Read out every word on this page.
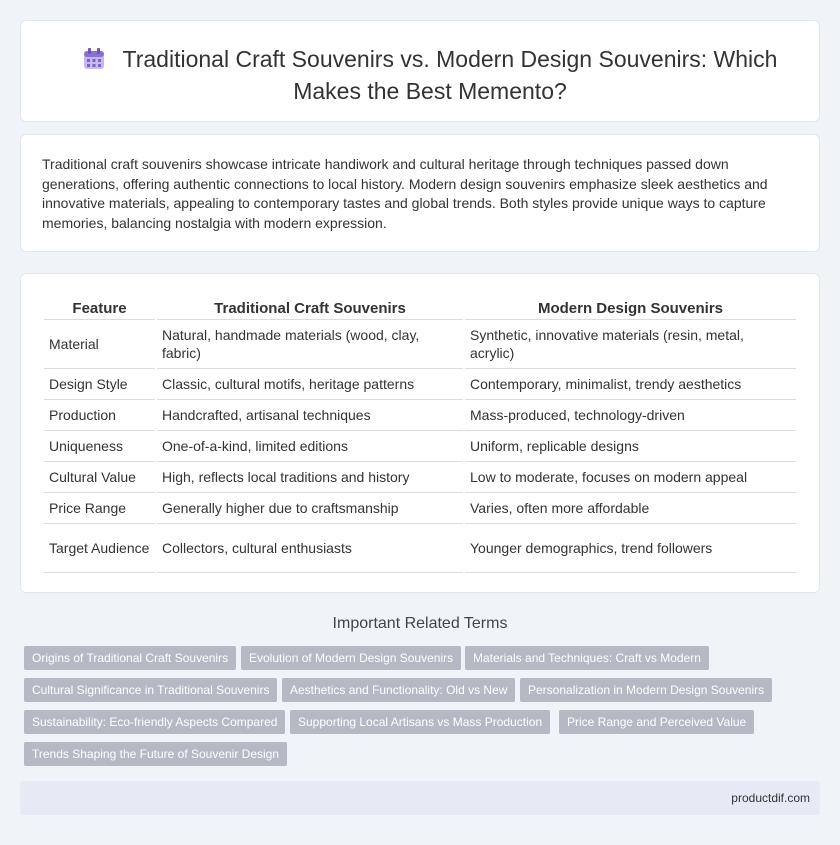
Traditional Craft Souvenirs vs. Modern Design Souvenirs: Which Makes the Best Memento?
Traditional craft souvenirs showcase intricate handiwork and cultural heritage through techniques passed down generations, offering authentic connections to local history. Modern design souvenirs emphasize sleek aesthetics and innovative materials, appealing to contemporary tastes and global trends. Both styles provide unique ways to capture memories, balancing nostalgia with modern expression.
Feature	Traditional Craft Souvenirs	Modern Design Souvenirs
Material	Natural, handmade materials (wood, clay, fabric)	Synthetic, innovative materials (resin, metal, acrylic)
Design Style	Classic, cultural motifs, heritage patterns	Contemporary, minimalist, trendy aesthetics
Production	Handcrafted, artisanal techniques	Mass-produced, technology-driven
Uniqueness	One-of-a-kind, limited editions	Uniform, replicable designs
Cultural Value	High, reflects local traditions and history	Low to moderate, focuses on modern appeal
Price Range	Generally higher due to craftsmanship	Varies, often more affordable
Target Audience	Collectors, cultural enthusiasts	Younger demographics, trend followers
Important Related Terms
Origins of Traditional Craft Souvenirs	Evolution of Modern Design Souvenirs	Materials and Techniques: Craft vs Modern
Cultural Significance in Traditional Souvenirs	Aesthetics and Functionality: Old vs New	Personalization in Modern Design Souvenirs
Sustainability: Eco-friendly Aspects Compared	Supporting Local Artisans vs Mass Production	Price Range and Perceived Value
Trends Shaping the Future of Souvenir Design
productdif.com
